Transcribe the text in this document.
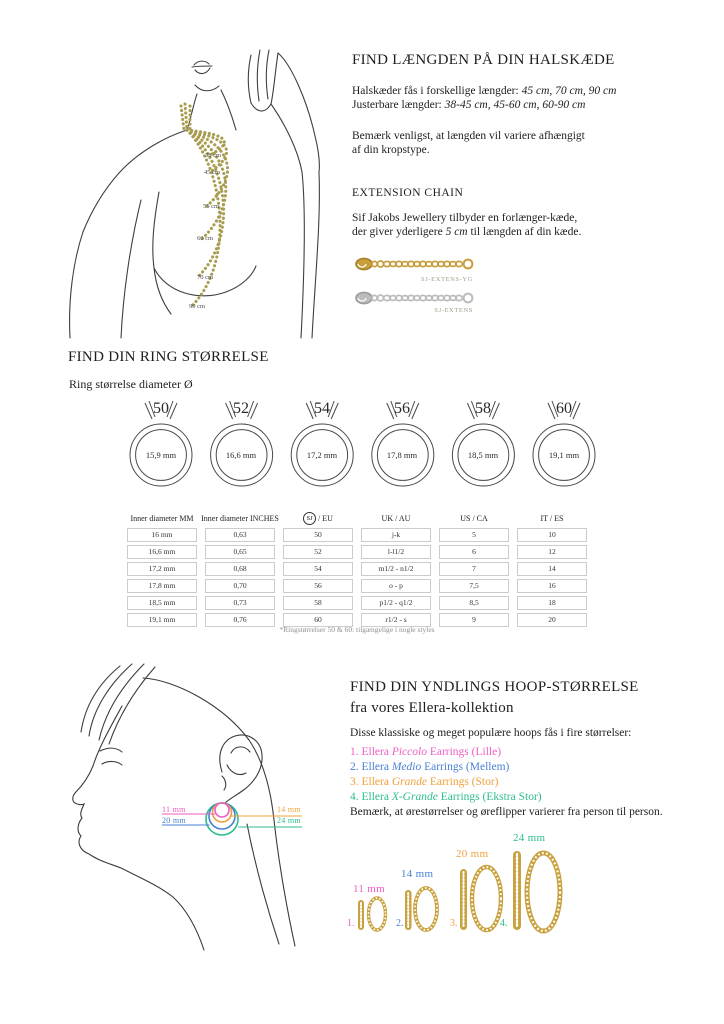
38 cm
45 cm
55 cm
60 cm
70 cm
90 cm
FIND LÆNGDEN PÅ DIN HALSKÆDE
Halskæder fås i forskellige længder: 45 cm, 70 cm, 90 cm
Justerbare længder: 38-45 cm, 45-60 cm, 60-90 cm
Bemærk venligst, at længden vil variere afhængigt
af din kropstype.
EXTENSION CHAIN
Sif Jakobs Jewellery tilbyder en forlænger-kæde,
der giver yderligere 5 cm til længden af din kæde.
SJ-EXTENS-YG
SJ-EXTENS
FIND DIN RING STØRRELSE
Ring størrelse diameter Ø
50	52	54	56	58	60
15,9 mm	16,6 mm	17,2 mm	17,8 mm	18,5 mm	19,1 mm
Inner diameter MM Inner diameter INCHES	SJ / EU	UK / AU	US / CA	IT / ES
16 mm	0,63	50	j-k	5	10
16,6 mm	0,65	52	l-l1/2	6	12
17,2 mm	0,68	54	m1/2 - n1/2	7	14
17,8 mm	0,70	56	o - p	7,5	16
18,5 mm	0,73	58	p1/2 - q1/2	8,5	18
19,1 mm	0,76	60	r1/2 - s	9	20
*Ringstørrelser 50 & 60: tilgængelige i nogle styles
11 mm
20 mm
14 mm
24 mm
FIND DIN YNDLINGS HOOP-STØRRELSE
fra vores Ellera-kollektion
Disse klassiske og meget populære hoops fås i fire størrelser:
1. Ellera Piccolo Earrings (Lille)
2. Ellera Medio Earrings (Mellem)
3. Ellera Grande Earrings (Stor)
4. Ellera X-Grande Earrings (Ekstra Stor)
Bemærk, at ørestørrelser og øreflipper varierer fra person til person.
11 mm
14 mm
20 mm
24 mm
1.	2.	3.	4.
